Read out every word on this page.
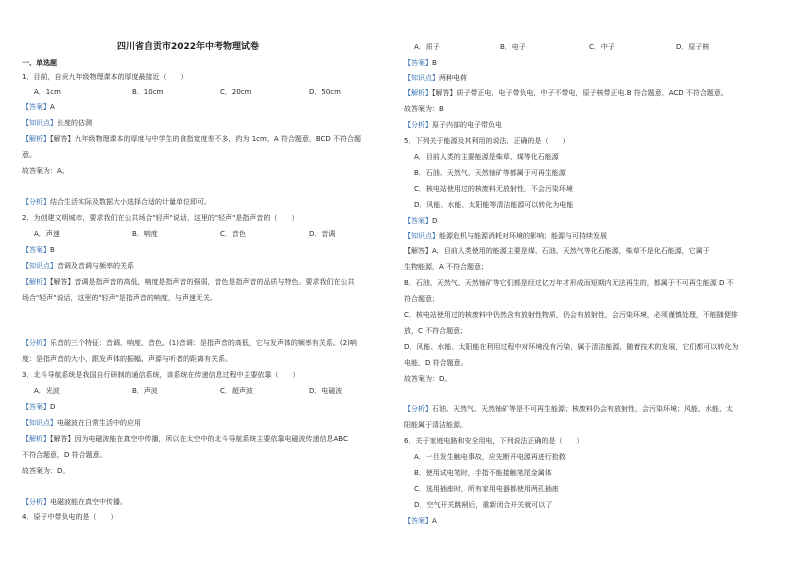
四川省自贡市2022年中考物理试卷
一、单选题
1．目前，自贡九年级物理课本的厚度最接近（　　）
A．1cm	B．10cm	C．20cm	D．50cm
【答案】A
【知识点】长度的估测
【解析】【解答】九年级物理课本的厚度与中学生的食指宽度差不多，约为 1cm，A 符合题意，BCD 不符合题
意。
故答案为：A。
【分析】结合生活实际及数据大小选择合适的计量单位即可。
2．为创建文明城市，要求我们在公共场合"轻声"说话，这里的"轻声"是指声音的（　　）
A．声速	B．响度	C．音色	D．音调
【答案】B
【知识点】音调及音调与频率的关系
【解析】【解答】音调是指声音的高低，响度是指声音的强弱，音色是指声音的品质与特色。要求我们在公共
场合"轻声"说话，这里的"轻声"是指声音的响度，与声速无关。
【分析】乐音的三个特征：音调、响度、音色。(1)音调：是指声音的高低，它与发声体的频率有关系。(2)响
度：是指声音的大小，跟发声体的振幅、声源与听者的距离有关系。
3．北斗导航系统是我国自行研制的通信系统，该系统在传递信息过程中主要依靠（　　）
A．光波	B．声波	C．超声波	D．电磁波
【答案】D
【知识点】电磁波在日常生活中的应用
【解析】【解答】因为电磁波能在真空中传播，所以在太空中的北斗导航系统主要依靠电磁波传递信息ABC
不符合题意，D 符合题意。
故答案为：D。
【分析】电磁波能在真空中传播。
4．原子中带负电的是（　　）
A．质子	B．电子	C．中子	D．原子核
【答案】B
【知识点】两种电荷
【解析】【解答】质子带正电，电子带负电，中子不带电，原子核带正电.B 符合题意，ACD 不符合题意。
故答案为：B
【分析】原子内部的电子带负电
5．下列关于能源及其利用的说法，正确的是（　　）
A．目前人类的主要能源是柴草、煤等化石能源
B．石油、天然气、天然铀矿等都属于可再生能源
C．核电站使用过的核废料无放射性，不会污染环境
D．风能、水能、太阳能等清洁能源可以转化为电能
【答案】D
【知识点】能源危机与能源消耗对环境的影响；能源与可持续发展
【解答】A．目前人类使用的能源主要是煤、石油、天然气等化石能源，柴草不是化石能源，它属于
生物能源，A 不符合题意；
B．石油、天然气、天然铀矿等它们都是经过亿万年才形成而短期内无法再生的，都属于不可再生能源 D 不
符合题意；
C．核电站使用过的核废料中仍然含有放射性物质，仍会有放射性，会污染环境，必须谨慎处理，不能随便排
放，C 不符合题意；
D．风能、水能、太阳能在利用过程中对环境没有污染，属于清洁能源，随着技术的发展，它们都可以转化为
电能，D 符合题意。
故答案为：D。
【分析】石油、天然气、天然铀矿等是不可再生能源；核废料仍会有放射性，会污染环境；风能、水能、太
阳能属于清洁能源。
6．关于家庭电路和安全用电，下列说法正确的是（　　）
A．一旦发生触电事故，应先断开电源再进行抢救
B．使用试电笔时，手指不能接触笔尾金属体
C．选用插座时，所有家用电器都使用两孔插座
D．空气开关跳闸后，重新闭合开关就可以了
【答案】A
